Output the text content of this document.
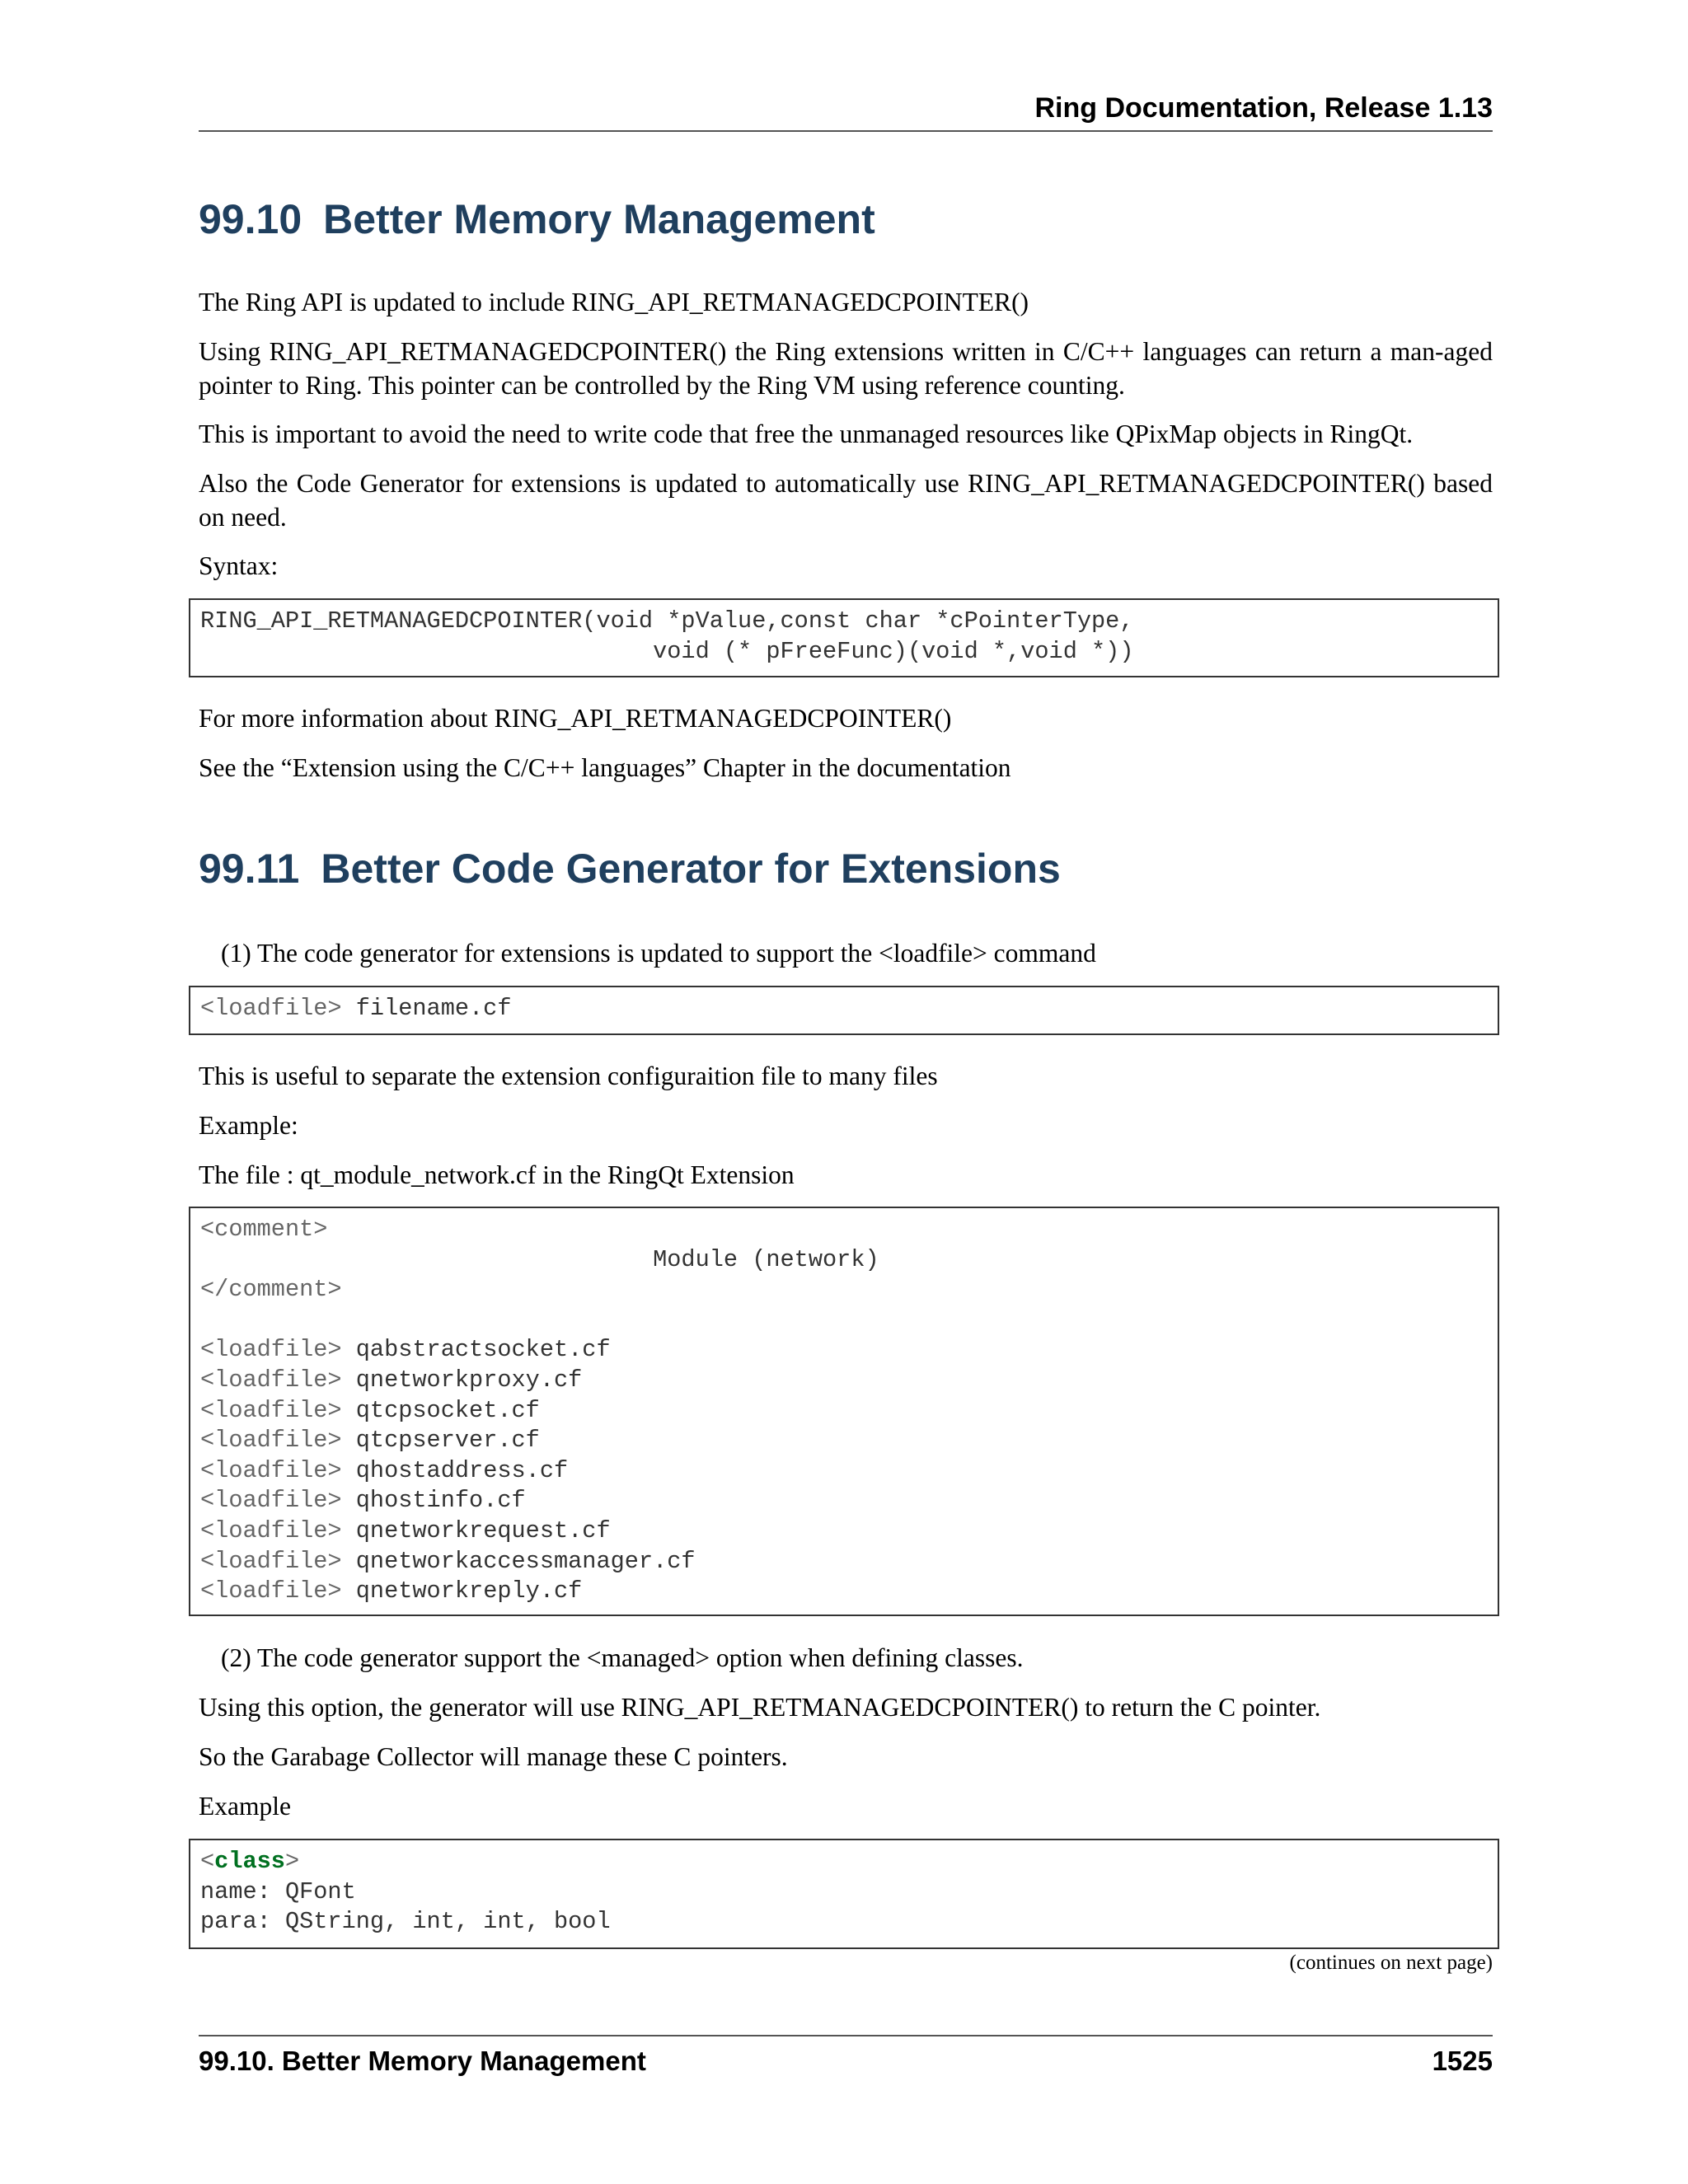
Ring Documentation, Release 1.13
99.10 Better Memory Management

The Ring API is updated to include RING_API_RETMANAGEDCPOINTER()

Using RING_API_RETMANAGEDCPOINTER() the Ring extensions written in C/C++ languages can return a man-aged pointer to Ring. This pointer can be controlled by the Ring VM using reference counting.

This is important to avoid the need to write code that free the unmanaged resources like QPixMap objects in RingQt.

Also the Code Generator for extensions is updated to automatically use RING_API_RETMANAGEDCPOINTER() based on need.

Syntax:

RING_API_RETMANAGEDCPOINTER(void *pValue,const char *cPointerType,
void (* pFreeFunc)(void *,void *))

For more information about RING_API_RETMANAGEDCPOINTER()

See the “Extension using the C/C++ languages” Chapter in the documentation

99.11 Better Code Generator for Extensions

(1) The code generator for extensions is updated to support the <loadfile> command

<loadfile> filename.cf

This is useful to separate the extension configuraition file to many files

Example:

The file : qt_module_network.cf in the RingQt Extension

<comment>
Module (network)
</comment>

<loadfile> qabstractsocket.cf
<loadfile> qnetworkproxy.cf
<loadfile> qtcpsocket.cf
<loadfile> qtcpserver.cf
<loadfile> qhostaddress.cf
<loadfile> qhostinfo.cf
<loadfile> qnetworkrequest.cf
<loadfile> qnetworkaccessmanager.cf
<loadfile> qnetworkreply.cf

(2) The code generator support the <managed> option when defining classes.

Using this option, the generator will use RING_API_RETMANAGEDCPOINTER() to return the C pointer.

So the Garabage Collector will manage these C pointers.

Example

<class>
name: QFont
para: QString, int, int, bool
(continues on next page)
99.10. Better Memory Management	1525
